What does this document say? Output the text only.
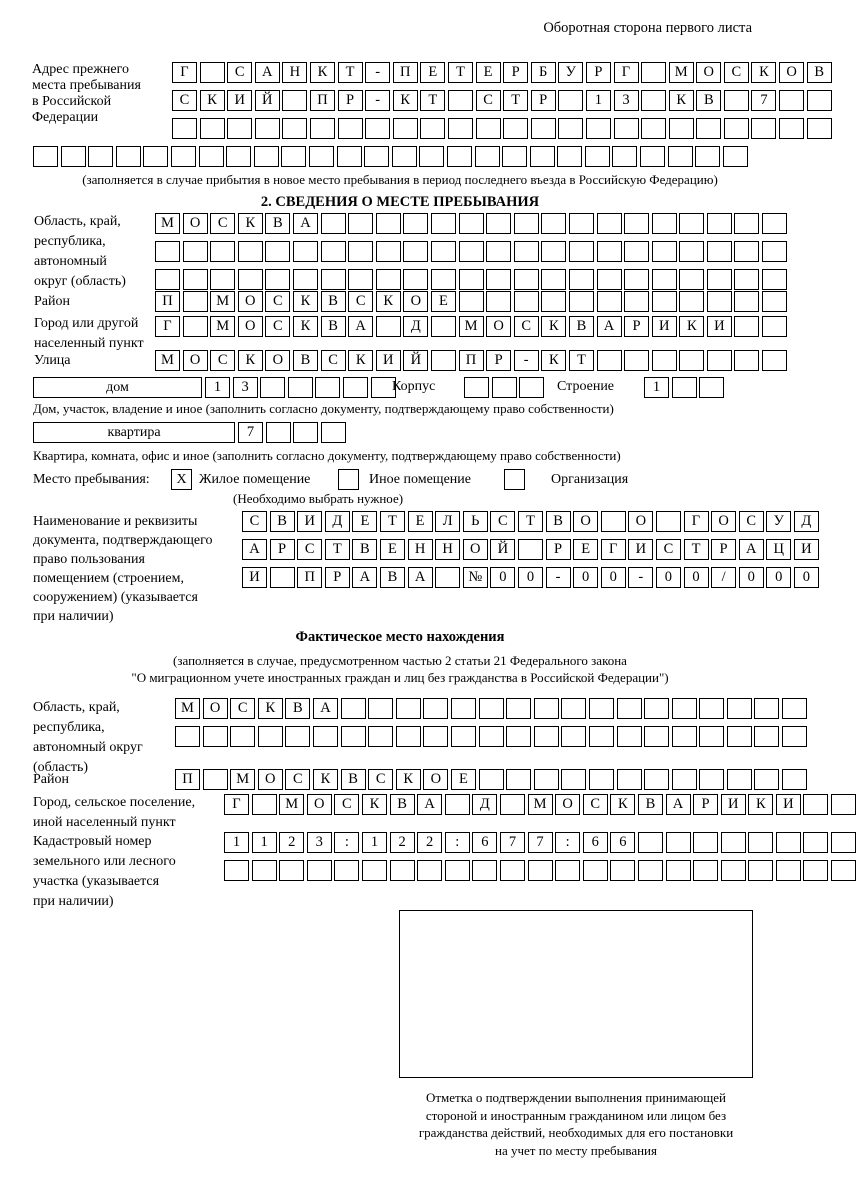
Оборотная сторона первого листа
Адрес прежнего
места пребывания
в Российской
Федерации
Г	С	А	Н	К	Т	-	П	Е	Т	Е	Р	Б	У	Р	Г	М	О	С	К	О	В
С	К	И	Й	П	Р	-	К	Т	С	Т	Р	1	3	К	В	7
(заполняется в случае прибытия в новое место пребывания в период последнего въезда в Российскую Федерацию)
2. СВЕДЕНИЯ О МЕСТЕ ПРЕБЫВАНИЯ
Область, край,
республика,
автономный
округ (область)
М	О	С	К	В	А
Район	П	М	О	С	К	В	С	К	О	Е
Город или другой
населенный пункт
Г	М	О	С	К	В	А	Д	М	О	С	К	В	А	Р	И	К	И
Улица	М	О	С	К	О	В	С	К	И	Й	П	Р	-	К	Т
дом	1	3	Корпус	Строение	1
Дом, участок, владение и иное (заполнить согласно документу, подтверждающему право собственности)
квартира	7
Квартира, комната, офис и иное (заполнить согласно документу, подтверждающему право собственности)
Место пребывания:	X Жилое помещение	Иное помещение	Организация
(Необходимо выбрать нужное)
Наименование и реквизиты
документа, подтверждающего
право пользования
помещением (строением,
сооружением) (указывается
при наличии)
С	В	И	Д	Е	Т	Е	Л	Ь	С	Т	В	О	О	Г	О	С	У	Д
А	Р	С	Т	В	Е	Н	Н	О	Й	Р	Е	Г	И	С	Т	Р	А	Ц	И
И	П	Р	А	В	А	№	0	0	-	0	0	-	0	0	/	0	0	0
Фактическое место нахождения
(заполняется в случае, предусмотренном частью 2 статьи 21 Федерального закона
"О миграционном учете иностранных граждан и лиц без гражданства в Российской Федерации")
Область, край,
республика,
автономный округ
(область)
М	О	С	К	В	А
Район	П	М	О	С	К	В	С	К	О	Е
Город, сельское поселение,
иной населенный пункт
Г	М	О	С	К	В	А	Д	М	О	С	К	В	А	Р	И	К	И
Кадастровый номер
земельного или лесного
участка (указывается
при наличии)
1	1	2	3	:	1	2	2	:	6	7	7	:	6	6
Отметка о подтверждении выполнения принимающей
стороной и иностранным гражданином или лицом без
гражданства действий, необходимых для его постановки
на учет по месту пребывания
